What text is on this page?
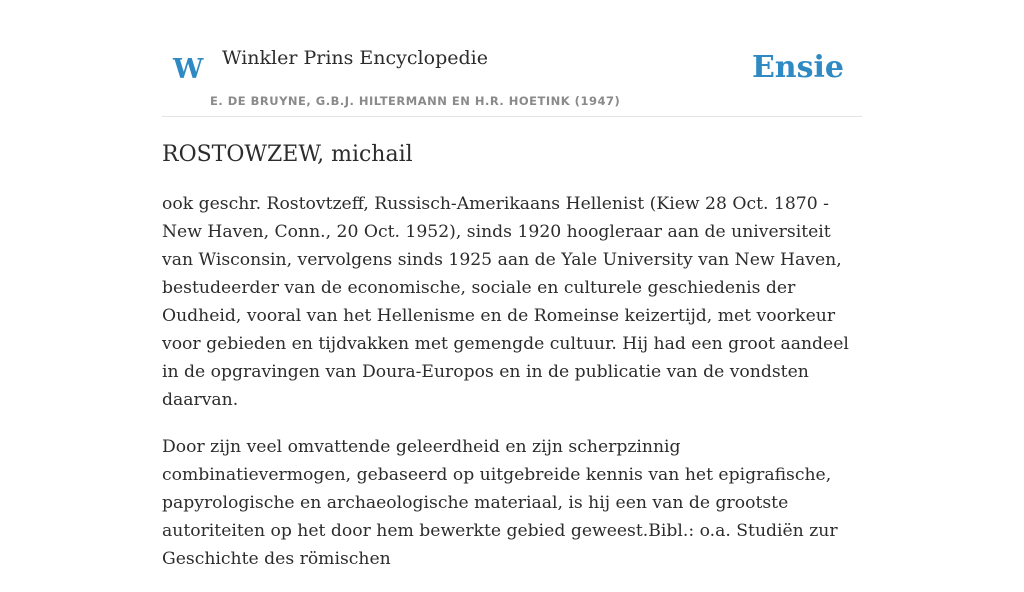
W Winkler Prins Encyclopedie
E. DE BRUYNE, G.B.J. HILTERMANN EN H.R. HOETINK (1947)
Ensie
ROSTOWZEW, michail

ook geschr. Rostovtzeff, Russisch-Amerikaans Hellenist (Kiew 28 Oct. 1870 - New Haven, Conn., 20 Oct. 1952), sinds 1920 hoogleraar aan de universiteit van Wisconsin, vervolgens sinds 1925 aan de Yale University van New Haven, bestudeerder van de economische, sociale en culturele geschiedenis der Oudheid, vooral van het Hellenisme en de Romeinse keizertijd, met voorkeur voor gebieden en tijdvakken met gemengde cultuur. Hij had een groot aandeel in de opgravingen van Doura-Europos en in de publicatie van de vondsten daarvan.

Door zijn veel omvattende geleerdheid en zijn scherpzinnig combinatievermogen, gebaseerd op uitgebreide kennis van het epigrafische, papyrologische en archaeologische materiaal, is hij een van de grootste autoriteiten op het door hem bewerkte gebied geweest.Bibl.: o.a. Studiën zur Geschichte des römischen
